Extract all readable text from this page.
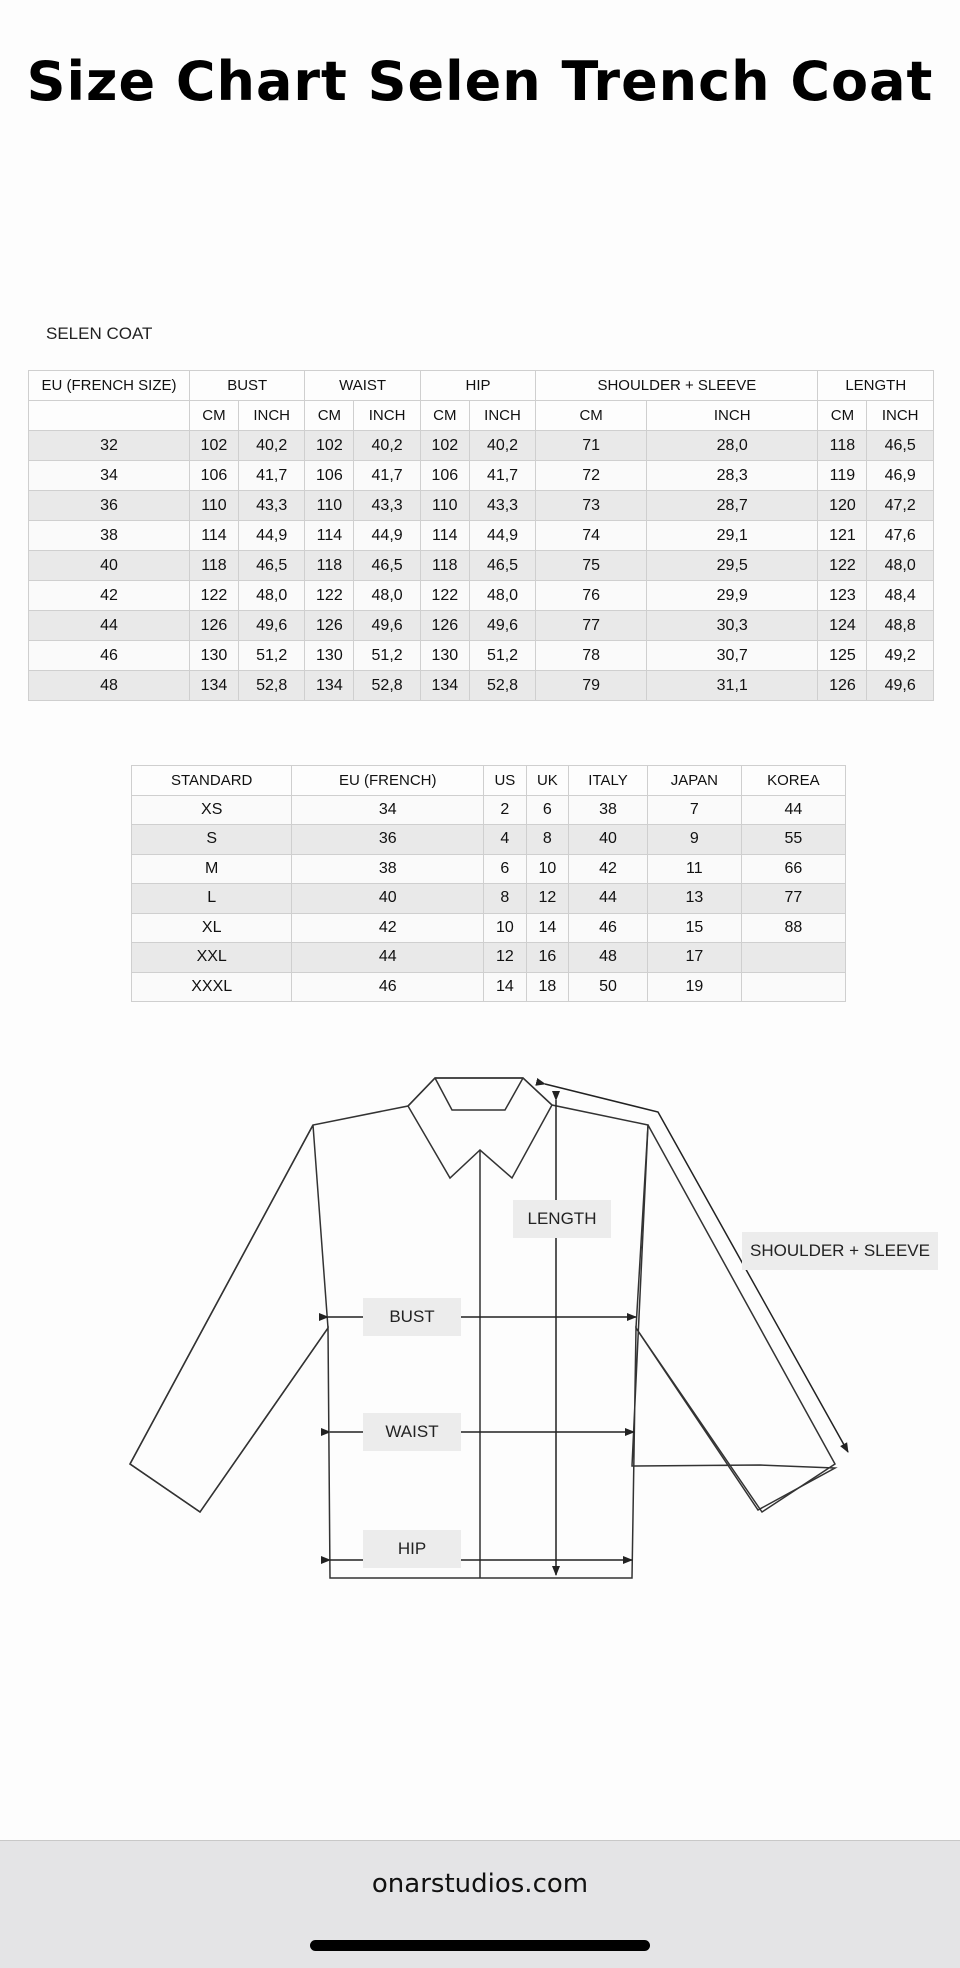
Size Chart Selen Trench Coat
SELEN COAT
EU (FRENCH SIZE)	BUST		WAIST		HIP		SHOULDER + SLEEVE		LENGTH	
	CM	INCH	CM	INCH	CM	INCH	CM	INCH	CM	INCH
32	102	40,2	102	40,2	102	40,2	71	28,0	118	46,5
34	106	41,7	106	41,7	106	41,7	72	28,3	119	46,9
36	110	43,3	110	43,3	110	43,3	73	28,7	120	47,2
38	114	44,9	114	44,9	114	44,9	74	29,1	121	47,6
40	118	46,5	118	46,5	118	46,5	75	29,5	122	48,0
42	122	48,0	122	48,0	122	48,0	76	29,9	123	48,4
44	126	49,6	126	49,6	126	49,6	77	30,3	124	48,8
46	130	51,2	130	51,2	130	51,2	78	30,7	125	49,2
48	134	52,8	134	52,8	134	52,8	79	31,1	126	49,6
STANDARD	EU (FRENCH)	US	UK	ITALY	JAPAN	KOREA
XS	34	2	6	38	7	44
S	36	4	8	40	9	55
M	38	6	10	42	11	66
L	40	8	12	44	13	77
XL	42	10	14	46	15	88
XXL	44	12	16	48	17	
XXXL	46	14	18	50	19	
LENGTH
SHOULDER + SLEEVE
BUST
WAIST
HIP
onarstudios.com
